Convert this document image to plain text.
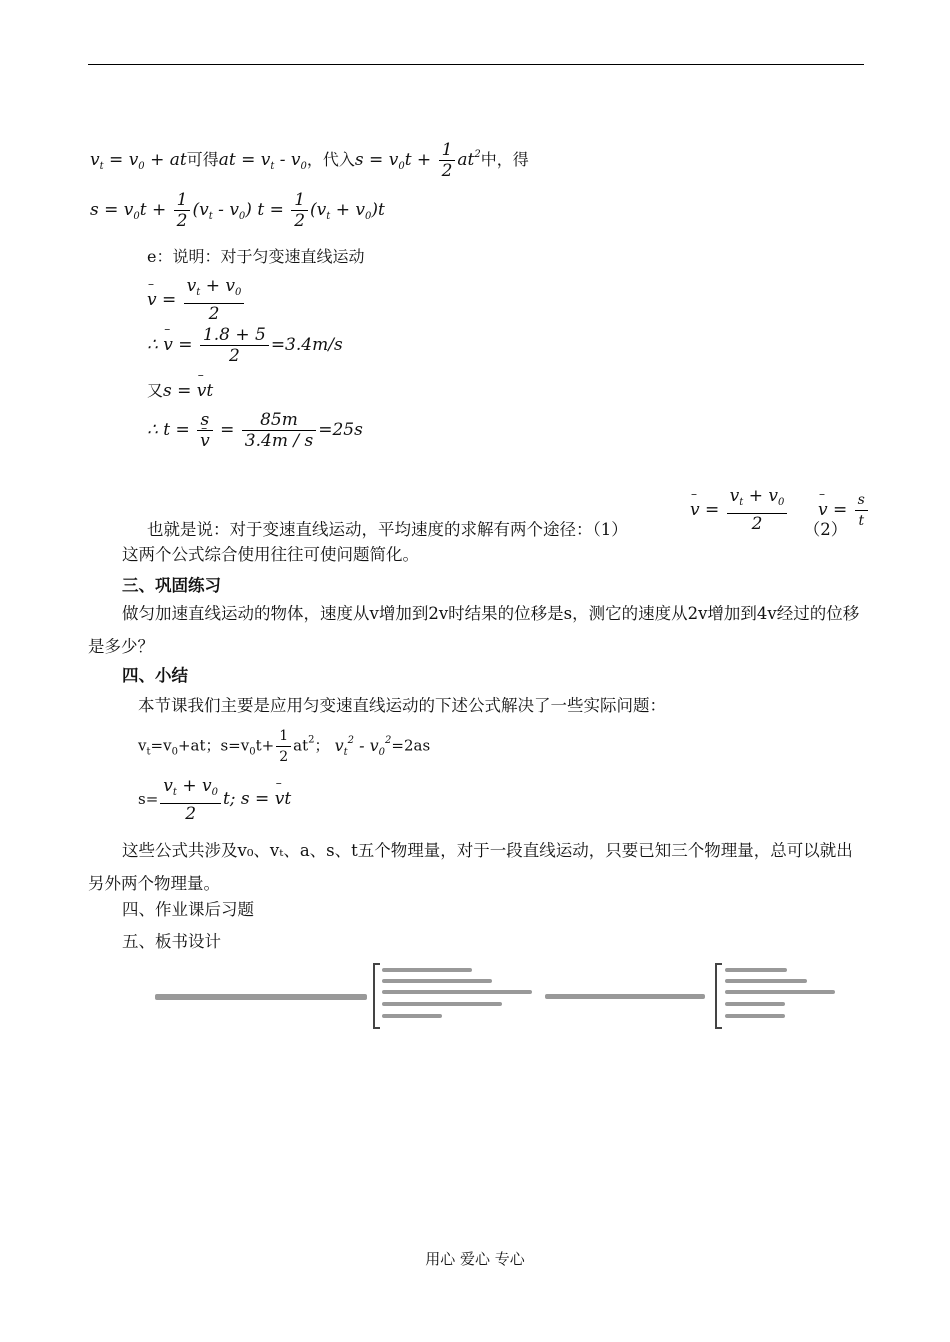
$v_t = v_0$ + at可得at = $v_t - v_0$，代入$s = v_0t + \frac{1}{2} at^2$中，得
$s = v_0t + \frac{1}{2} (v_t - v_0) t = \frac{1}{2} (v_t + v_0)t$
e：说明：对于匀变速直线运动
– $v = \frac{v_t + v_0}{2}$
∴ – $v = \frac{1.8 + 5}{2} =3.4m/s$
又s = – vt
∴ t = s
– $v = \frac{85m}{3.4m / s} =25s$
– $v = \frac{v_t + v_0}{2}$
– $v = \frac{s}{t}$
也就是说：对于变速直线运动，平均速度的求解有两个途径：（1）	（2）
这两个公式综合使用往往可使问题简化。
三、巩固练习
做匀加速直线运动的物体，速度从v增加到2v时结果的位移是s，测它的速度从2v增加到4v经过的位移是多少？
四、小结
本节课我们主要是应用匀变速直线运动的下述公式解决了一些实际问题：
$v_t=v_0+at$；$s=v_0t+ \frac{1}{2} at^2$； $v_t^2 - v_0^2=2as$
$s= \frac{v_t + v_0}{2} t$; s = – vt
这些公式共涉及v₀、vₜ、a、s、t五个物理量，对于一段直线运动，只要已知三个物理量，总可以就出另外两个物理量。
四、作业课后习题
五、板书设计
用心 爱心 专心
